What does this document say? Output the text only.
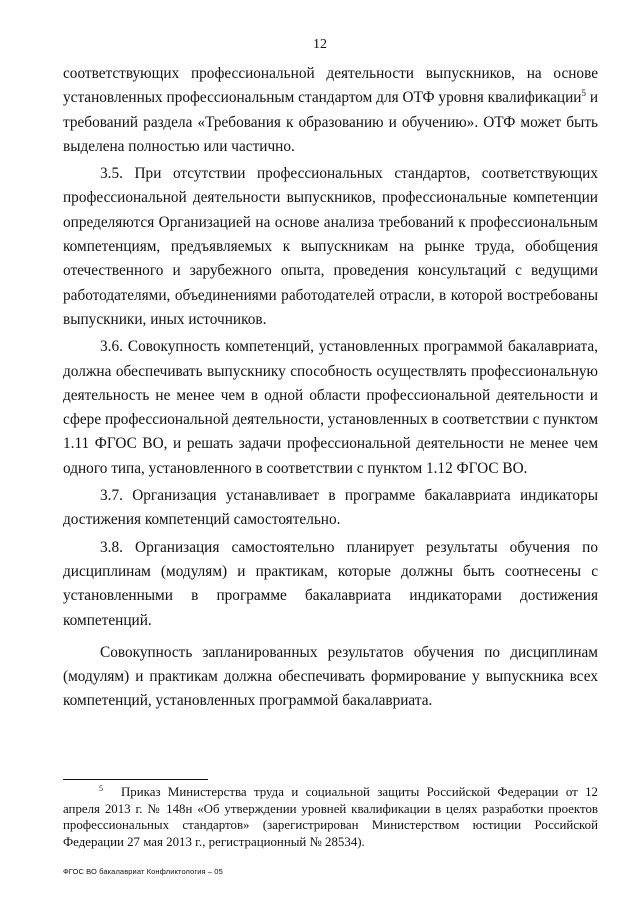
12

соответствующих профессиональной деятельности выпускников, на основе установленных профессиональным стандартом для ОТФ уровня квалификации$^5$ и требований раздела «Требования к образованию и обучению». ОТФ может быть выделена полностью или частично.

3.5. При отсутствии профессиональных стандартов, соответствующих профессиональной деятельности выпускников, профессиональные компетенции определяются Организацией на основе анализа требований к профессиональным компетенциям, предъявляемых к выпускникам на рынке труда, обобщения отечественного и зарубежного опыта, проведения консультаций с ведущими работодателями, объединениями работодателей отрасли, в которой востребованы выпускники, иных источников.

3.6. Совокупность компетенций, установленных программой бакалавриата, должна обеспечивать выпускнику способность осуществлять профессиональную деятельность не менее чем в одной области профессиональной деятельности и сфере профессиональной деятельности, установленных в соответствии с пунктом 1.11 ФГОС ВО, и решать задачи профессиональной деятельности не менее чем одного типа, установленного в соответствии с пунктом 1.12 ФГОС ВО.

3.7. Организация устанавливает в программе бакалавриата индикаторы достижения компетенций самостоятельно.

3.8. Организация самостоятельно планирует результаты обучения по дисциплинам (модулям) и практикам, которые должны быть соотнесены с установленными в программе бакалавриата индикаторами достижения компетенций.

Совокупность запланированных результатов обучения по дисциплинам (модулям) и практикам должна обеспечивать формирование у выпускника всех компетенций, установленных программой бакалавриата.

$^5$ Приказ Министерства труда и социальной защиты Российской Федерации от 12 апреля 2013 г. № 148н «Об утверждении уровней квалификации в целях разработки проектов профессиональных стандартов» (зарегистрирован Министерством юстиции Российской Федерации 27 мая 2013 г., регистрационный № 28534).

ФГОС ВО бакалавриат Конфликтология – 05
